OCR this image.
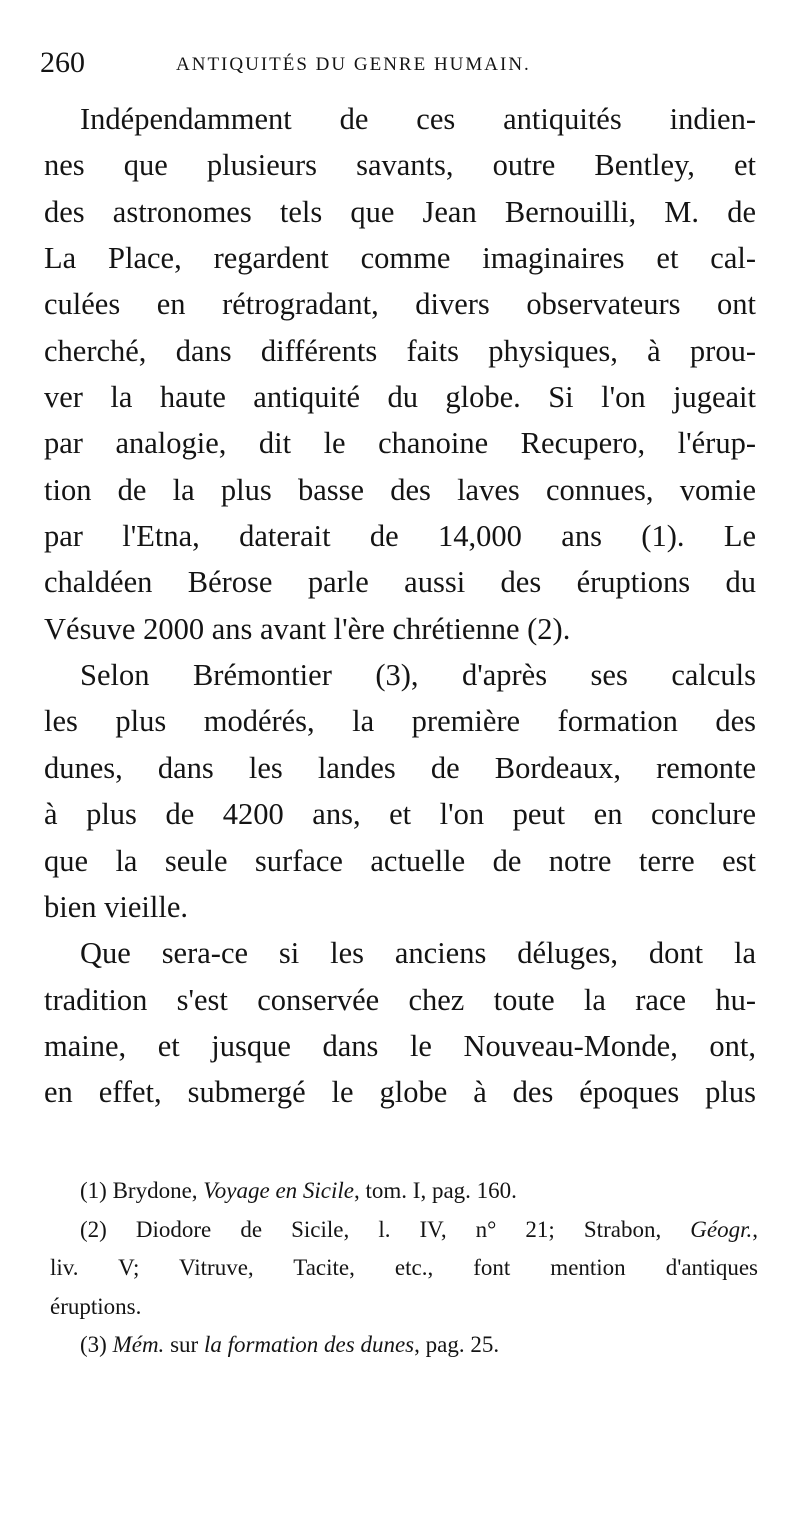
260	ANTIQUITÉS DU GENRE HUMAIN.
Indépendamment de ces antiquités indien-
nes que plusieurs savants, outre Bentley, et
des astronomes tels que Jean Bernouilli, M. de
La Place, regardent comme imaginaires et cal-
culées en rétrogradant, divers observateurs ont
cherché, dans différents faits physiques, à prou-
ver la haute antiquité du globe. Si l'on jugeait
par analogie, dit le chanoine Recupero, l'érup-
tion de la plus basse des laves connues, vomie
par l'Etna, daterait de 14,000 ans (1). Le
chaldéen Bérose parle aussi des éruptions du
Vésuve 2000 ans avant l'ère chrétienne (2).
Selon Brémontier (3), d'après ses calculs
les plus modérés, la première formation des
dunes, dans les landes de Bordeaux, remonte
à plus de 4200 ans, et l'on peut en conclure
que la seule surface actuelle de notre terre est
bien vieille.
Que sera-ce si les anciens déluges, dont la
tradition s'est conservée chez toute la race hu-
maine, et jusque dans le Nouveau-Monde, ont,
en effet, submergé le globe à des époques plus
(1) Brydone, Voyage en Sicile, tom. I, pag. 160.
(2) Diodore de Sicile, l. IV, n° 21; Strabon, Géogr.,
liv. V; Vitruve, Tacite, etc., font mention d'antiques
éruptions.
(3) Mém. sur la formation des dunes, pag. 25.
